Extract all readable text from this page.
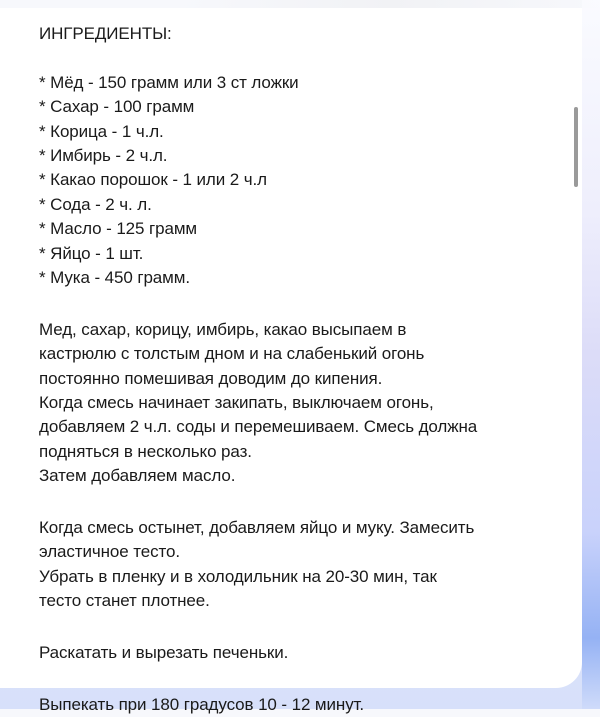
ИНГРЕДИЕНТЫ:
* Мёд - 150 грамм или 3 ст ложки
* Сахар - 100 грамм
* Корица - 1 ч.л.
* Имбирь - 2 ч.л.
* Какао порошок - 1 или 2 ч.л
* Сода - 2 ч. л.
* Масло - 125 грамм
* Яйцо - 1 шт.
* Мука - 450 грамм.
Мед, сахар, корицу, имбирь, какао высыпаем в
кастрюлю с толстым дном и на слабенький огонь
постоянно помешивая доводим до кипения.
Когда смесь начинает закипать, выключаем огонь,
добавляем 2 ч.л. соды и перемешиваем. Смесь должна
подняться в несколько раз.
Затем добавляем масло.
Когда смесь остынет, добавляем яйцо и муку. Замесить
эластичное тесто.
Убрать в пленку и в холодильник на 20-30 мин, так
тесто станет плотнее.
Раскатать и вырезать печеньки.
Выпекать при 180 градусов 10 - 12 минут.
